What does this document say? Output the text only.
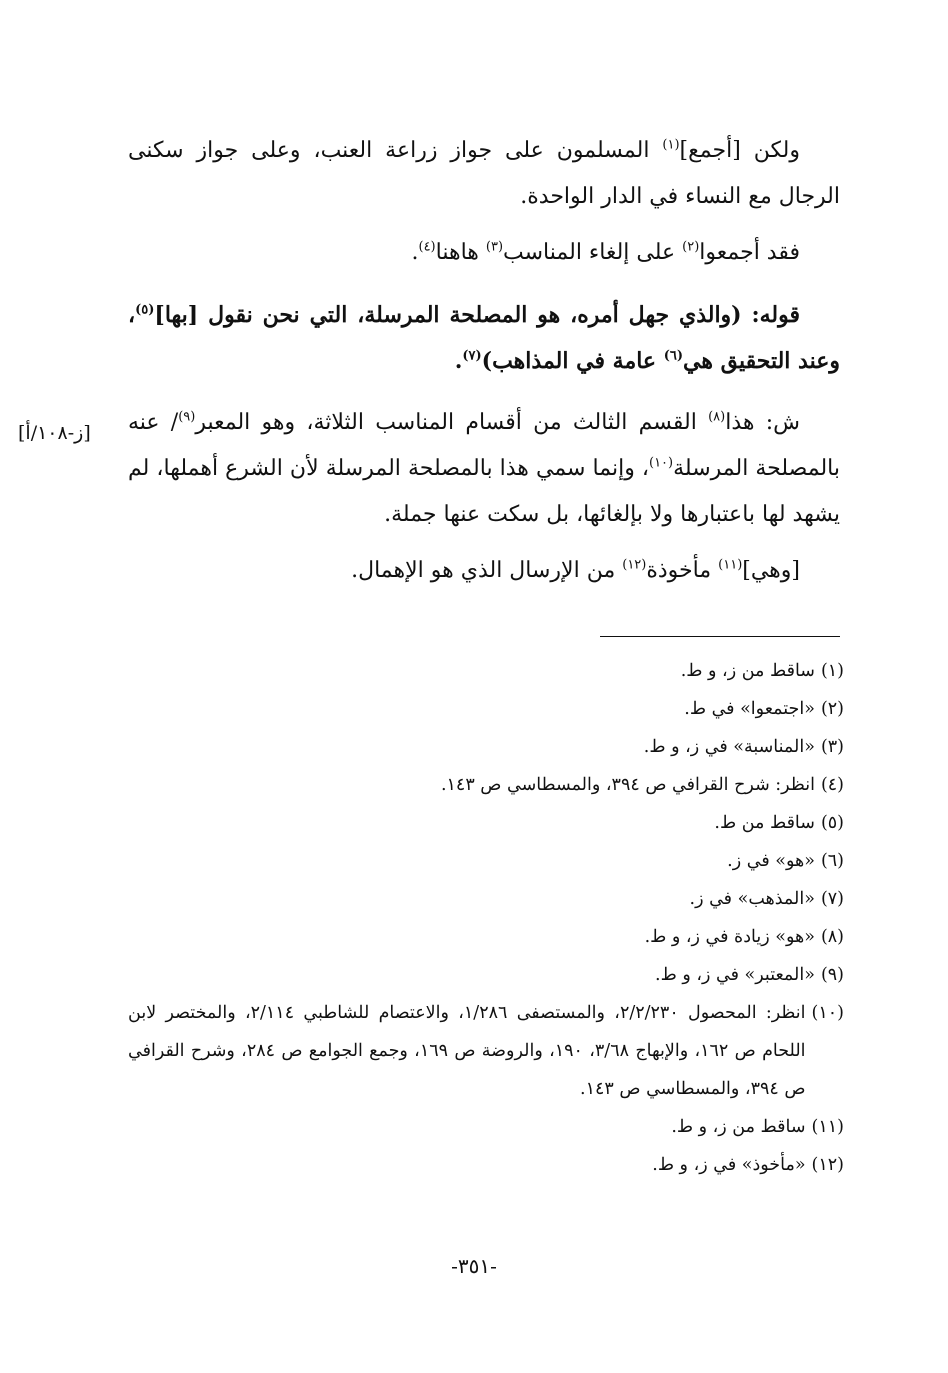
ولكن [أجمع]$^{(١)}$ المسلمون على جواز زراعة العنب، وعلى جواز سكنى الرجال مع النساء في الدار الواحدة.

فقد أجمعوا$^{(٢)}$ على إلغاء المناسب$^{(٣)}$ هاهنا$^{(٤)}$.

قوله: (والذي جهل أمره، هو المصلحة المرسلة، التي نحن نقول [بها]$^{(٥)}$، وعند التحقيق هي$^{(٦)}$ عامة في المذاهب)$^{(٧)}$.

ش: هذا$^{(٨)}$ القسم الثالث من أقسام المناسب الثلاثة، وهو المعبر$^{(٩)}$/ عنه بالمصلحة المرسلة$^{(١٠)}$، وإنما سمي هذا بالمصلحة المرسلة لأن الشرع أهملها، لم يشهد لها باعتبارها ولا بإلغائها، بل سكت عنها جملة.

[وهي]$^{(١١)}$ مأخوذة$^{(١٢)}$ من الإرسال الذي هو الإهمال.

[ز-١٠٨/أ]
(١)
ساقط من ز، و ط.
(٢)
«اجتمعوا» في ط.
(٣)
«المناسبة» في ز، و ط.
(٤)
انظر: شرح القرافي ص ٣٩٤، والمسطاسي ص ١٤٣.
(٥)
ساقط من ط.
(٦)
«هو» في ز.
(٧)
«المذهب» في ز.
(٨)
«هو» زيادة في ز، و ط.
(٩)
«المعتبر» في ز، و ط.
(١٠)
انظر: المحصول ٢/٢/٢٣٠، والمستصفى ١/٢٨٦، والاعتصام للشاطبي ٢/١١٤، والمختصر لابن اللحام ص ١٦٢، والإبهاج ٣/٦٨، ١٩٠، والروضة ص ١٦٩، وجمع الجوامع ص ٢٨٤، وشرح القرافي ص ٣٩٤، والمسطاسي ص ١٤٣.
(١١)
ساقط من ز، و ط.
(١٢)
«مأخوذ» في ز، و ط.
-٣٥١-
